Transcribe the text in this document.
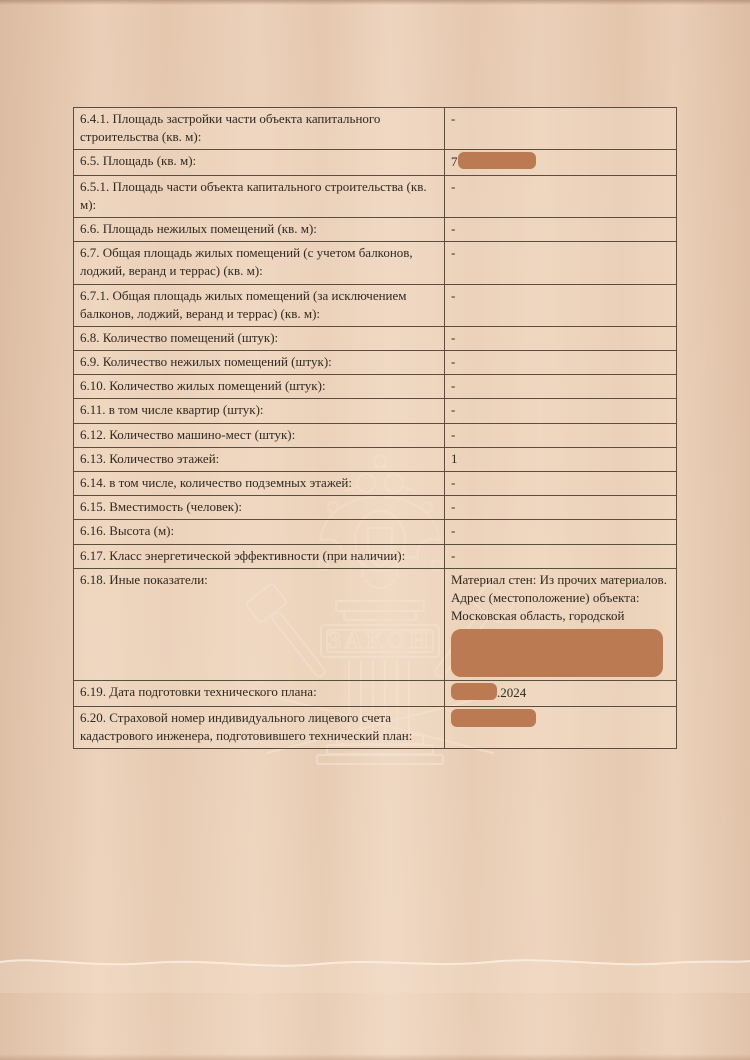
ЗАКОН
6.4.1. Площадь застройки части объекта капитального строительства (кв. м):	-
6.5. Площадь (кв. м):	7
6.5.1. Площадь части объекта капитального строительства (кв. м):	-
6.6. Площадь нежилых помещений (кв. м):	-
6.7. Общая площадь жилых помещений (с учетом балконов, лоджий, веранд и террас) (кв. м):	-
6.7.1. Общая площадь жилых помещений (за исключением балконов, лоджий, веранд и террас) (кв. м):	-
6.8. Количество помещений (штук):	-
6.9. Количество нежилых помещений (штук):	-
6.10. Количество жилых помещений (штук):	-
6.11. в том числе квартир (штук):	-
6.12. Количество машино-мест (штук):	-
6.13. Количество этажей:	1
6.14. в том числе, количество подземных этажей:	-
6.15. Вместимость (человек):	-
6.16. Высота (м):	-
6.17. Класс энергетической эффективности (при наличии):	-
6.18. Иные показатели:	Материал стен: Из прочих материалов. Адрес (местоположение) объекта: Московская область, городской

6.19. Дата подготовки технического плана:	.2024
6.20. Страховой номер индивидуального лицевого счета кадастрового инженера, подготовившего технический план:	
